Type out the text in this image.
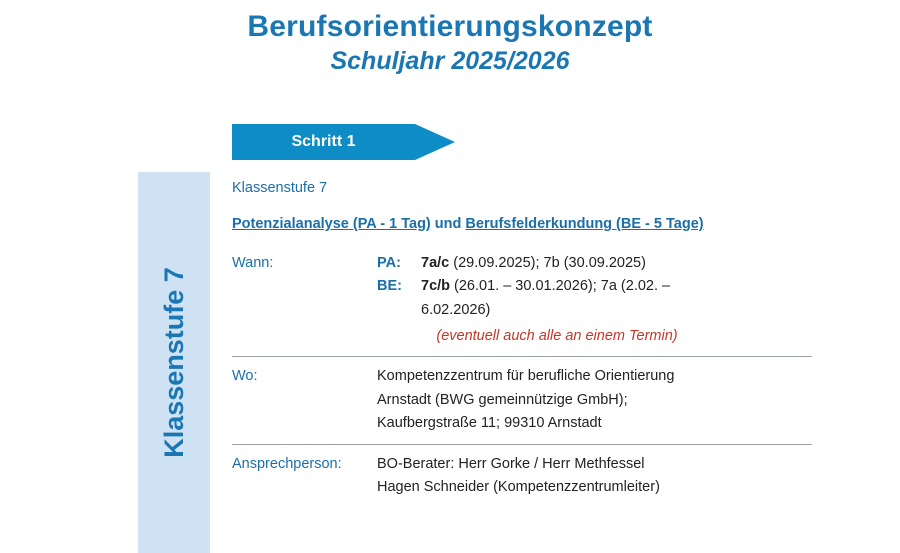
Berufsorientierungskonzept
Schuljahr 2025/2026
Klassenstufe 7
Schritt 1
Klassenstufe 7
Potenzialanalyse (PA - 1 Tag) und Berufsfelderkundung (BE - 5 Tage)
Wann:	PA:	7a/c (29.09.2025); 7b (30.09.2025)
BE:	7c/b (26.01. – 30.01.2026); 7a (2.02. –
6.02.2026)
(eventuell auch alle an einem Termin)
Wo:	Kompetenzzentrum für berufliche Orientierung
Arnstadt (BWG gemeinnützige GmbH);
Kaufbergstraße 11; 99310 Arnstadt
Ansprechperson:	BO-Berater: Herr Gorke / Herr Methfessel
Hagen Schneider (Kompetenzzentrumleiter)
